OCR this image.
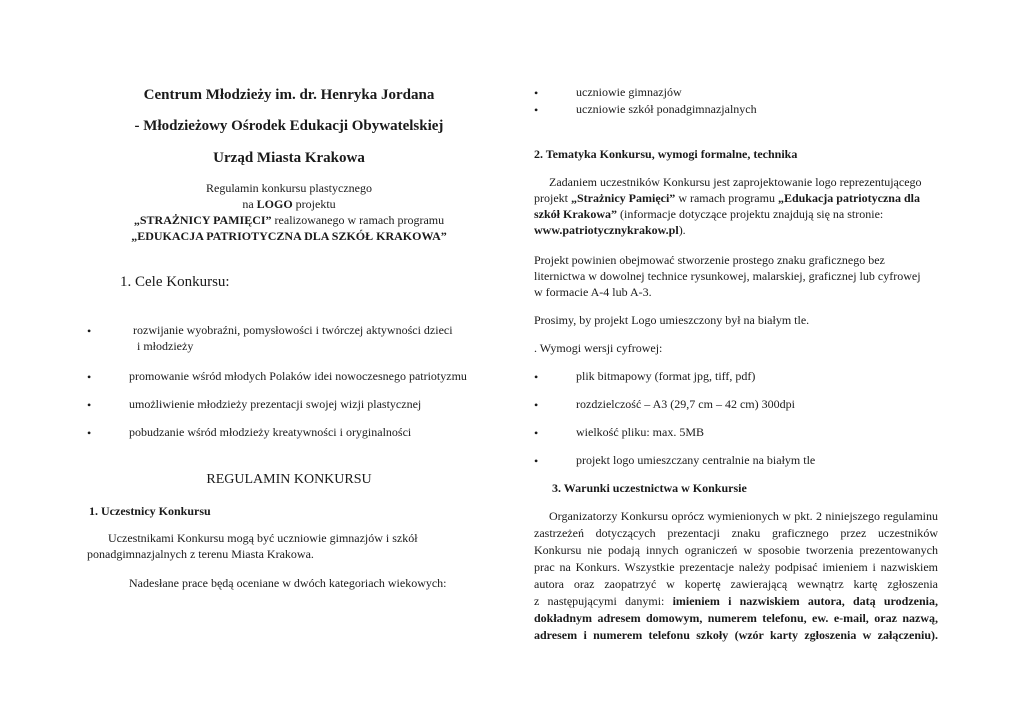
Centrum Młodzieży im. dr. Henryka Jordana
- Młodzieżowy Ośrodek Edukacji Obywatelskiej
Urząd Miasta Krakowa
Regulamin konkursu plastycznego
na LOGO projektu
„STRAŻNICY PAMIĘCI” realizowanego w ramach programu
„EDUKACJA PATRIOTYCZNA DLA SZKÓŁ KRAKOWA”
1. Cele Konkursu:
•	rozwijanie wyobraźni, pomysłowości i twórczej aktywności dzieci
i młodzieży
•	promowanie wśród młodych Polaków idei nowoczesnego patriotyzmu
•	umożliwienie młodzieży prezentacji swojej wizji plastycznej
•	pobudzanie wśród młodzieży kreatywności i oryginalności
REGULAMIN KONKURSU
1. Uczestnicy Konkursu
Uczestnikami Konkursu mogą być uczniowie gimnazjów i szkół
ponadgimnazjalnych z terenu Miasta Krakowa.
Nadesłane prace będą oceniane w dwóch kategoriach wiekowych:
•	uczniowie gimnazjów
•	uczniowie szkół ponadgimnazjalnych
2. Tematyka Konkursu, wymogi formalne, technika
Zadaniem uczestników Konkursu jest zaprojektowanie logo reprezentującego
projekt „Strażnicy Pamięci” w ramach programu „Edukacja patriotyczna dla
szkół Krakowa” (informacje dotyczące projektu znajdują się na stronie:
www.patriotycznykrakow.pl).
Projekt powinien obejmować stworzenie prostego znaku graficznego bez
liternictwa w dowolnej technice rysunkowej, malarskiej, graficznej lub cyfrowej
w formacie A-4 lub A-3.
Prosimy, by projekt Logo umieszczony był na białym tle.
. Wymogi wersji cyfrowej:
•	plik bitmapowy (format jpg, tiff, pdf)
•	rozdzielczość – A3 (29,7 cm – 42 cm) 300dpi
•	wielkość pliku: max. 5MB
•	projekt logo umieszczany centralnie na białym tle
3. Warunki uczestnictwa w Konkursie
Organizatorzy Konkursu oprócz wymienionych w pkt. 2 niniejszego regulaminu
zastrzeżeń dotyczących prezentacji znaku graficznego przez uczestników
Konkursu nie podają innych ograniczeń w sposobie tworzenia prezentowanych
prac na Konkurs. Wszystkie prezentacje należy podpisać imieniem i nazwiskiem
autora oraz zaopatrzyć w kopertę zawierającą wewnątrz kartę zgłoszenia
z następującymi danymi: imieniem i nazwiskiem autora, datą urodzenia,
dokładnym adresem domowym, numerem telefonu, ew. e-mail, oraz nazwą,
adresem i numerem telefonu szkoły (wzór karty zgłoszenia w załączeniu).
